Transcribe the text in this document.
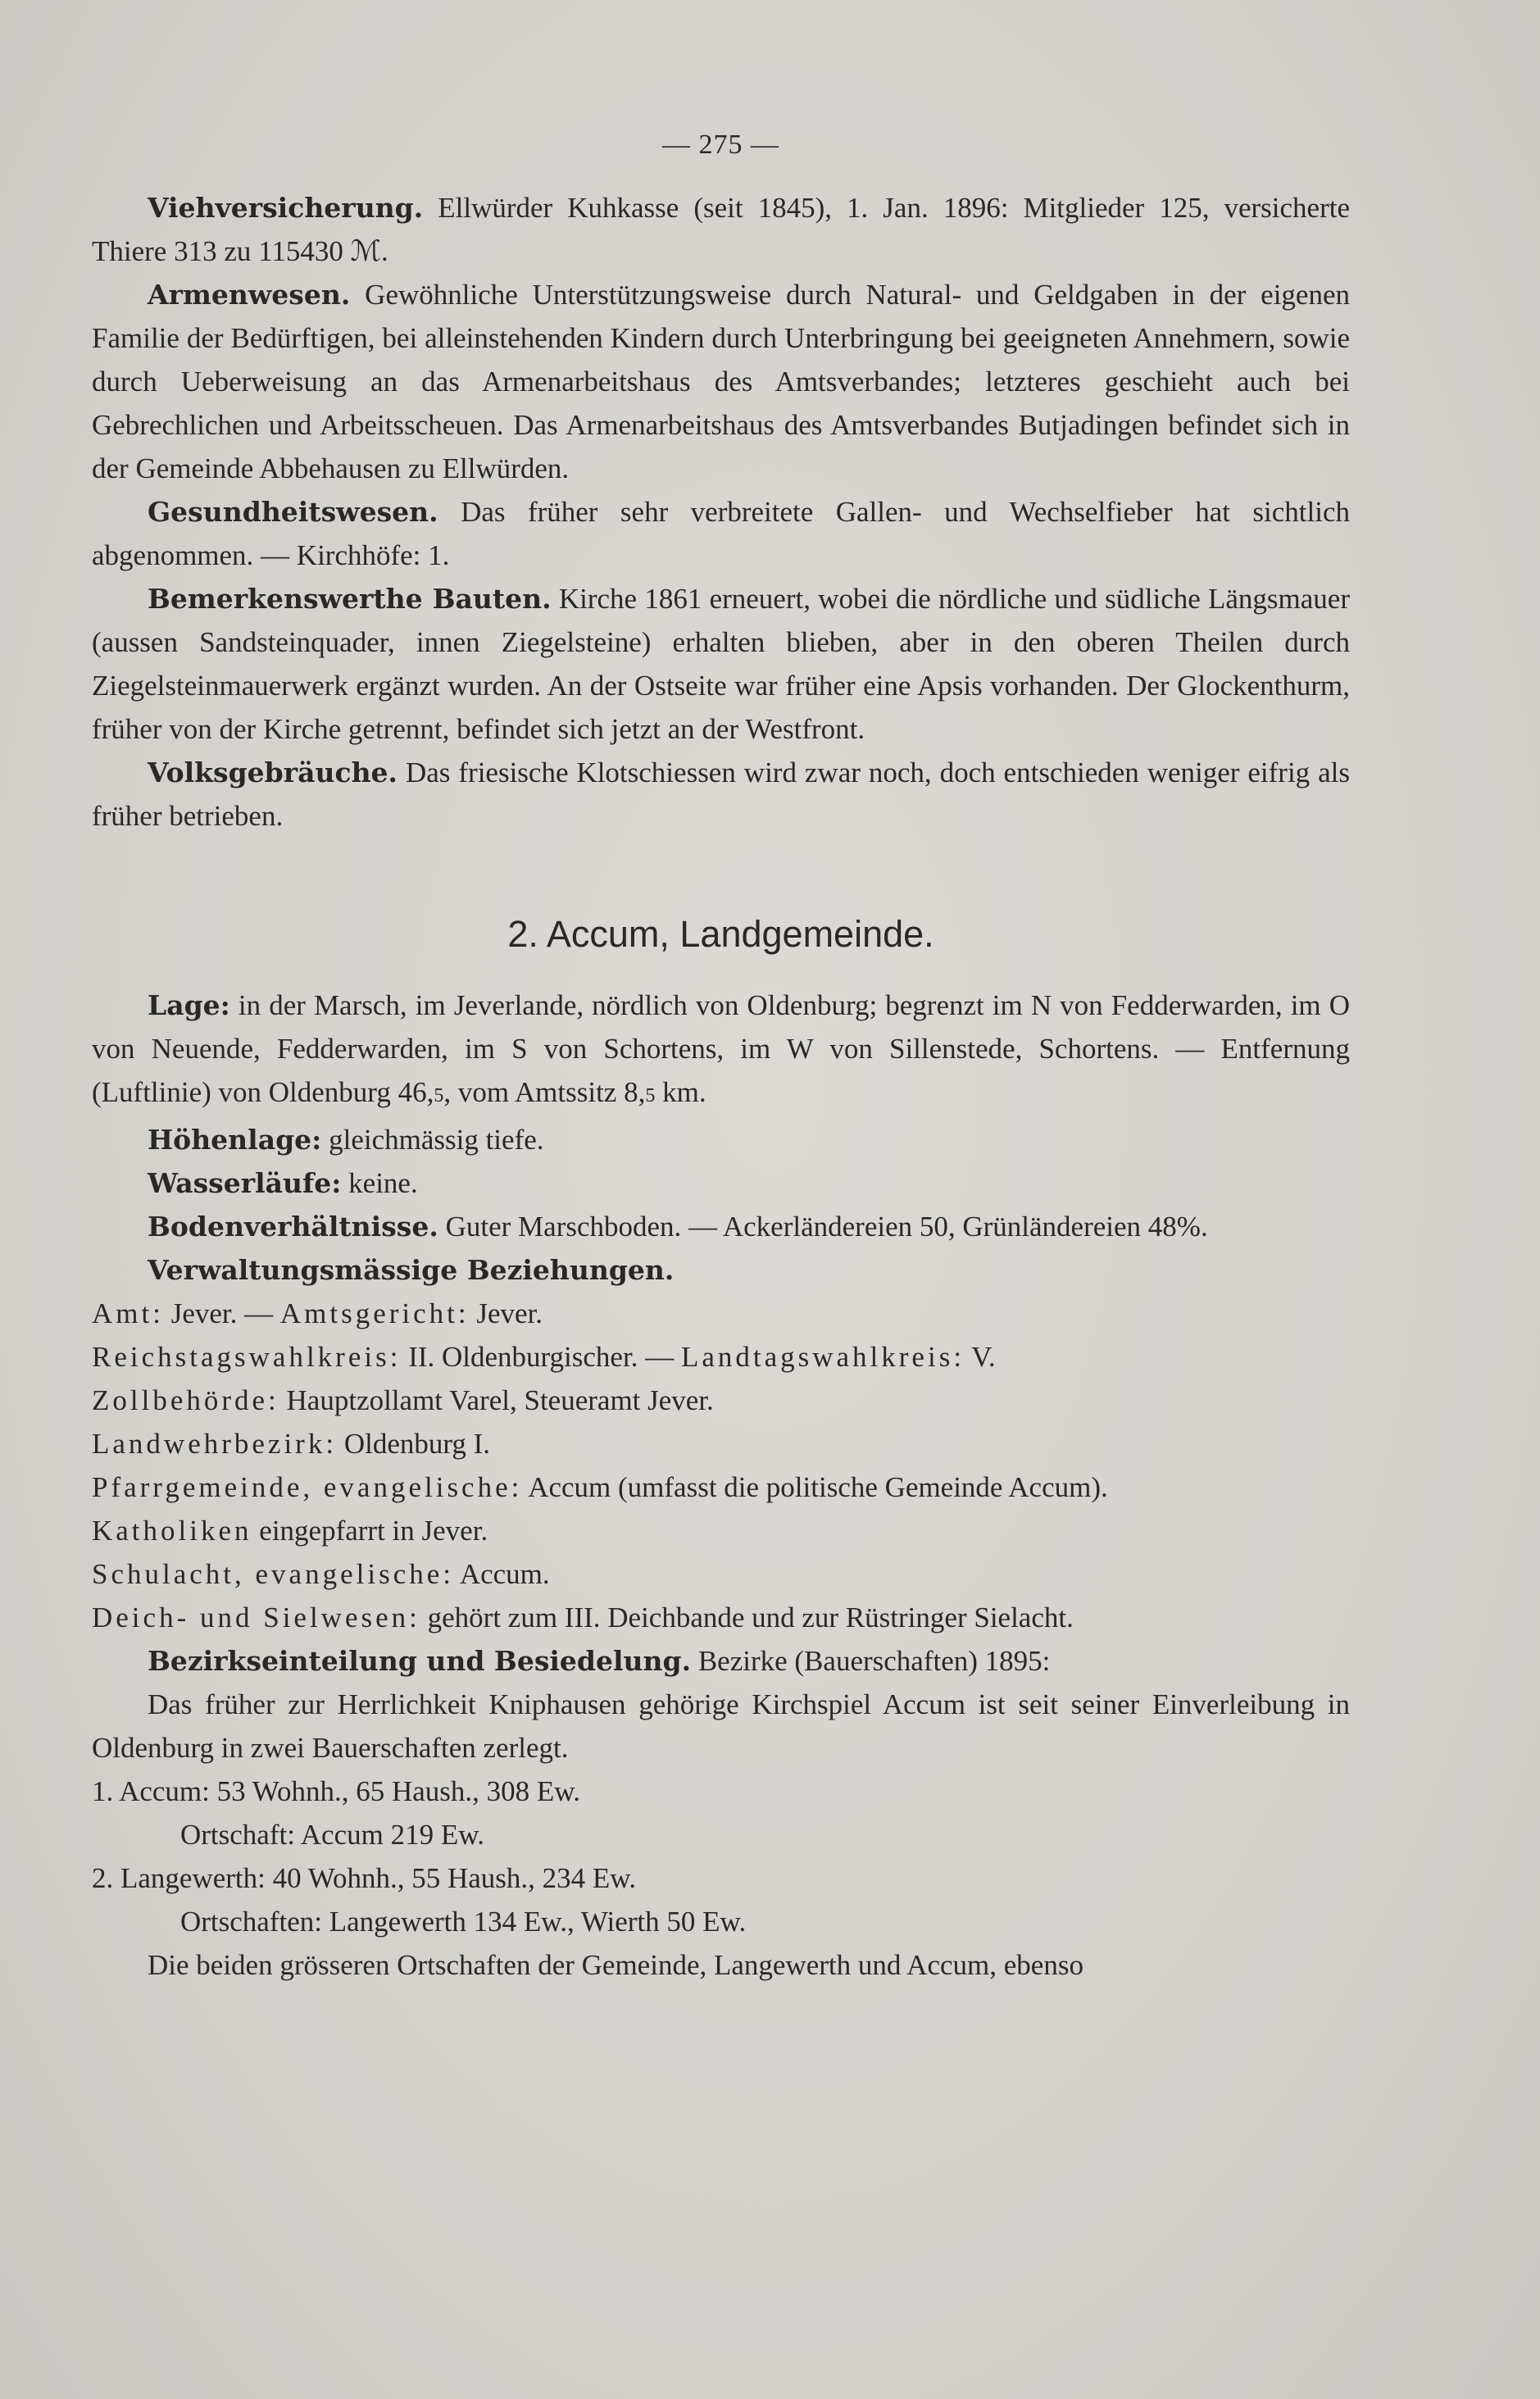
— 275 —

Viehversicherung. Ellwürder Kuhkasse (seit 1845), 1. Jan. 1896: Mitglieder 125, versicherte Thiere 313 zu 115430 ℳ.

Armenwesen. Gewöhnliche Unterstützungsweise durch Natural- und Geldgaben in der eigenen Familie der Bedürftigen, bei alleinstehenden Kindern durch Unterbringung bei geeigneten Annehmern, sowie durch Ueberweisung an das Armenarbeitshaus des Amtsverbandes; letzteres geschieht auch bei Gebrechlichen und Arbeitsscheuen. Das Armenarbeitshaus des Amtsverbandes Butjadingen befindet sich in der Gemeinde Abbehausen zu Ellwürden.

Gesundheitswesen. Das früher sehr verbreitete Gallen- und Wechselfieber hat sichtlich abgenommen. — Kirchhöfe: 1.

Bemerkenswerthe Bauten. Kirche 1861 erneuert, wobei die nördliche und südliche Längsmauer (aussen Sandsteinquader, innen Ziegelsteine) erhalten blieben, aber in den oberen Theilen durch Ziegelsteinmauerwerk ergänzt wurden. An der Ostseite war früher eine Apsis vorhanden. Der Glockenthurm, früher von der Kirche getrennt, befindet sich jetzt an der Westfront.

Volksgebräuche. Das friesische Klotschiessen wird zwar noch, doch entschieden weniger eifrig als früher betrieben.

2. Accum, Landgemeinde.

Lage: in der Marsch, im Jeverlande, nördlich von Oldenburg; begrenzt im N von Fedderwarden, im O von Neuende, Fedderwarden, im S von Schortens, im W von Sillenstede, Schortens. — Entfernung (Luftlinie) von Oldenburg 46,5, vom Amtssitz 8,5 km.

Höhenlage: gleichmässig tiefe.

Wasserläufe: keine.

Bodenverhältnisse. Guter Marschboden. — Ackerländereien 50, Grünländereien 48%.

Verwaltungsmässige Beziehungen.

Amt: Jever. — Amtsgericht: Jever.

Reichstagswahlkreis: II. Oldenburgischer. — Landtagswahlkreis: V.

Zollbehörde: Hauptzollamt Varel, Steueramt Jever.

Landwehrbezirk: Oldenburg I.

Pfarrgemeinde, evangelische: Accum (umfasst die politische Gemeinde Accum).

Katholiken eingepfarrt in Jever.

Schulacht, evangelische: Accum.

Deich- und Sielwesen: gehört zum III. Deichbande und zur Rüstringer Sielacht.

Bezirkseinteilung und Besiedelung. Bezirke (Bauerschaften) 1895:

Das früher zur Herrlichkeit Kniphausen gehörige Kirchspiel Accum ist seit seiner Einverleibung in Oldenburg in zwei Bauerschaften zerlegt.

1. Accum: 53 Wohnh., 65 Haush., 308 Ew.

Ortschaft: Accum 219 Ew.

2. Langewerth: 40 Wohnh., 55 Haush., 234 Ew.

Ortschaften: Langewerth 134 Ew., Wierth 50 Ew.

Die beiden grösseren Ortschaften der Gemeinde, Langewerth und Accum, ebenso
